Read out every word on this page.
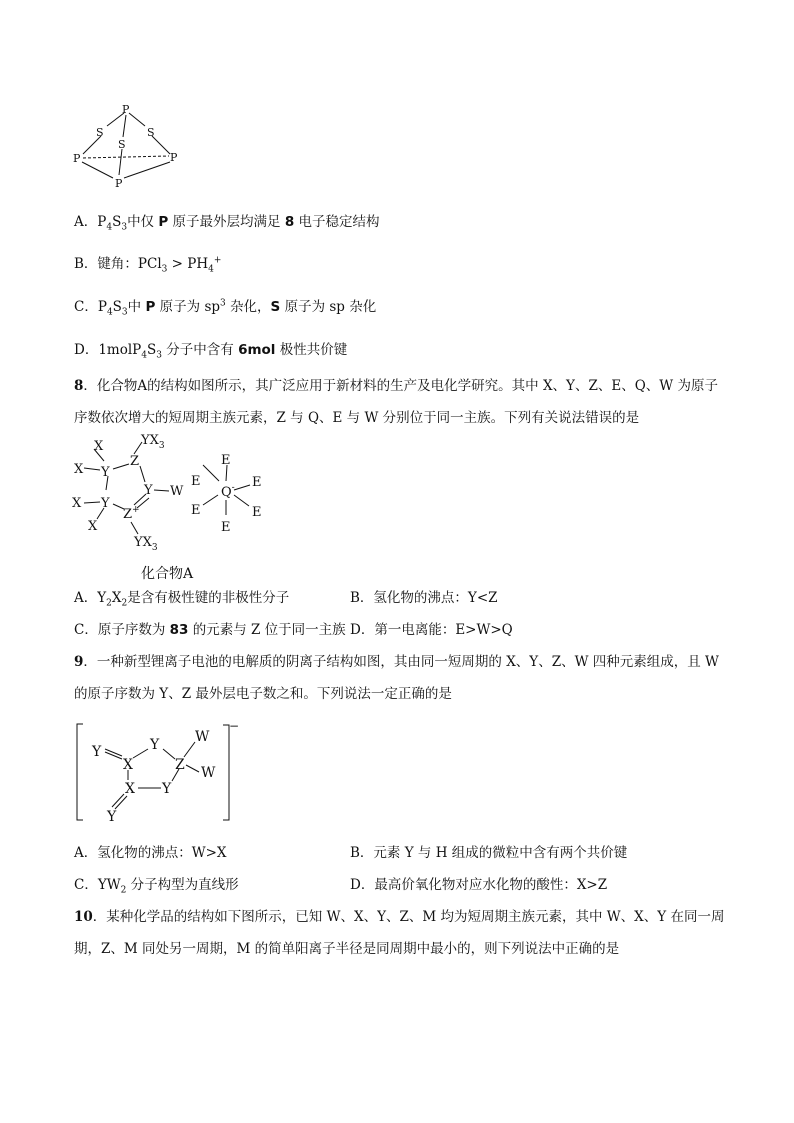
P
S	S
S
P	P
P
A．$P_4S_3$中仅 P 原子最外层均满足 8 电子稳定结构
B．键角：$PCl_3 > PH_4^+$
C．$P_4S_3$中 P 原子为 $sp^3$ 杂化，S 原子为 sp 杂化
D．$1molP_4S_3$ 分子中含有 6mol 极性共价键
8．化合物A的结构如图所示，其广泛应用于新材料的生产及电化学研究。其中 X、Y、Z、E、Q、W 为原子
序数依次增大的短周期主族元素，Z 与 Q、E 与 W 分别位于同一主族。下列有关说法错误的是
X
X Y
Z
$YX_3$
Y W
X Y
Z+
X
$YX_3$
E
E
Q- E
E	E
E
化合物A
A．$Y_2X_2$是含有极性键的非极性分子	B．氢化物的沸点：Y<Z
C．原子序数为 83 的元素与 Z 位于同一主族 D．第一电离能：E>W>Q
9．一种新型锂离子电池的电解质的阴离子结构如图，其由同一短周期的 X、Y、Z、W 四种元素组成，且 W
的原子序数为 Y、Z 最外层电子数之和。下列说法一定正确的是
Y	Y	W
X	Z W
X Y
Y
−
A．氢化物的沸点：W>X	B．元素 Y 与 H 组成的微粒中含有两个共价键
C．$YW_2$ 分子构型为直线形	D．最高价氧化物对应水化物的酸性：X>Z
10．某种化学品的结构如下图所示，已知 W、X、Y、Z、M 均为短周期主族元素，其中 W、X、Y 在同一周
期，Z、M 同处另一周期，M 的简单阳离子半径是同周期中最小的，则下列说法中正确的是
